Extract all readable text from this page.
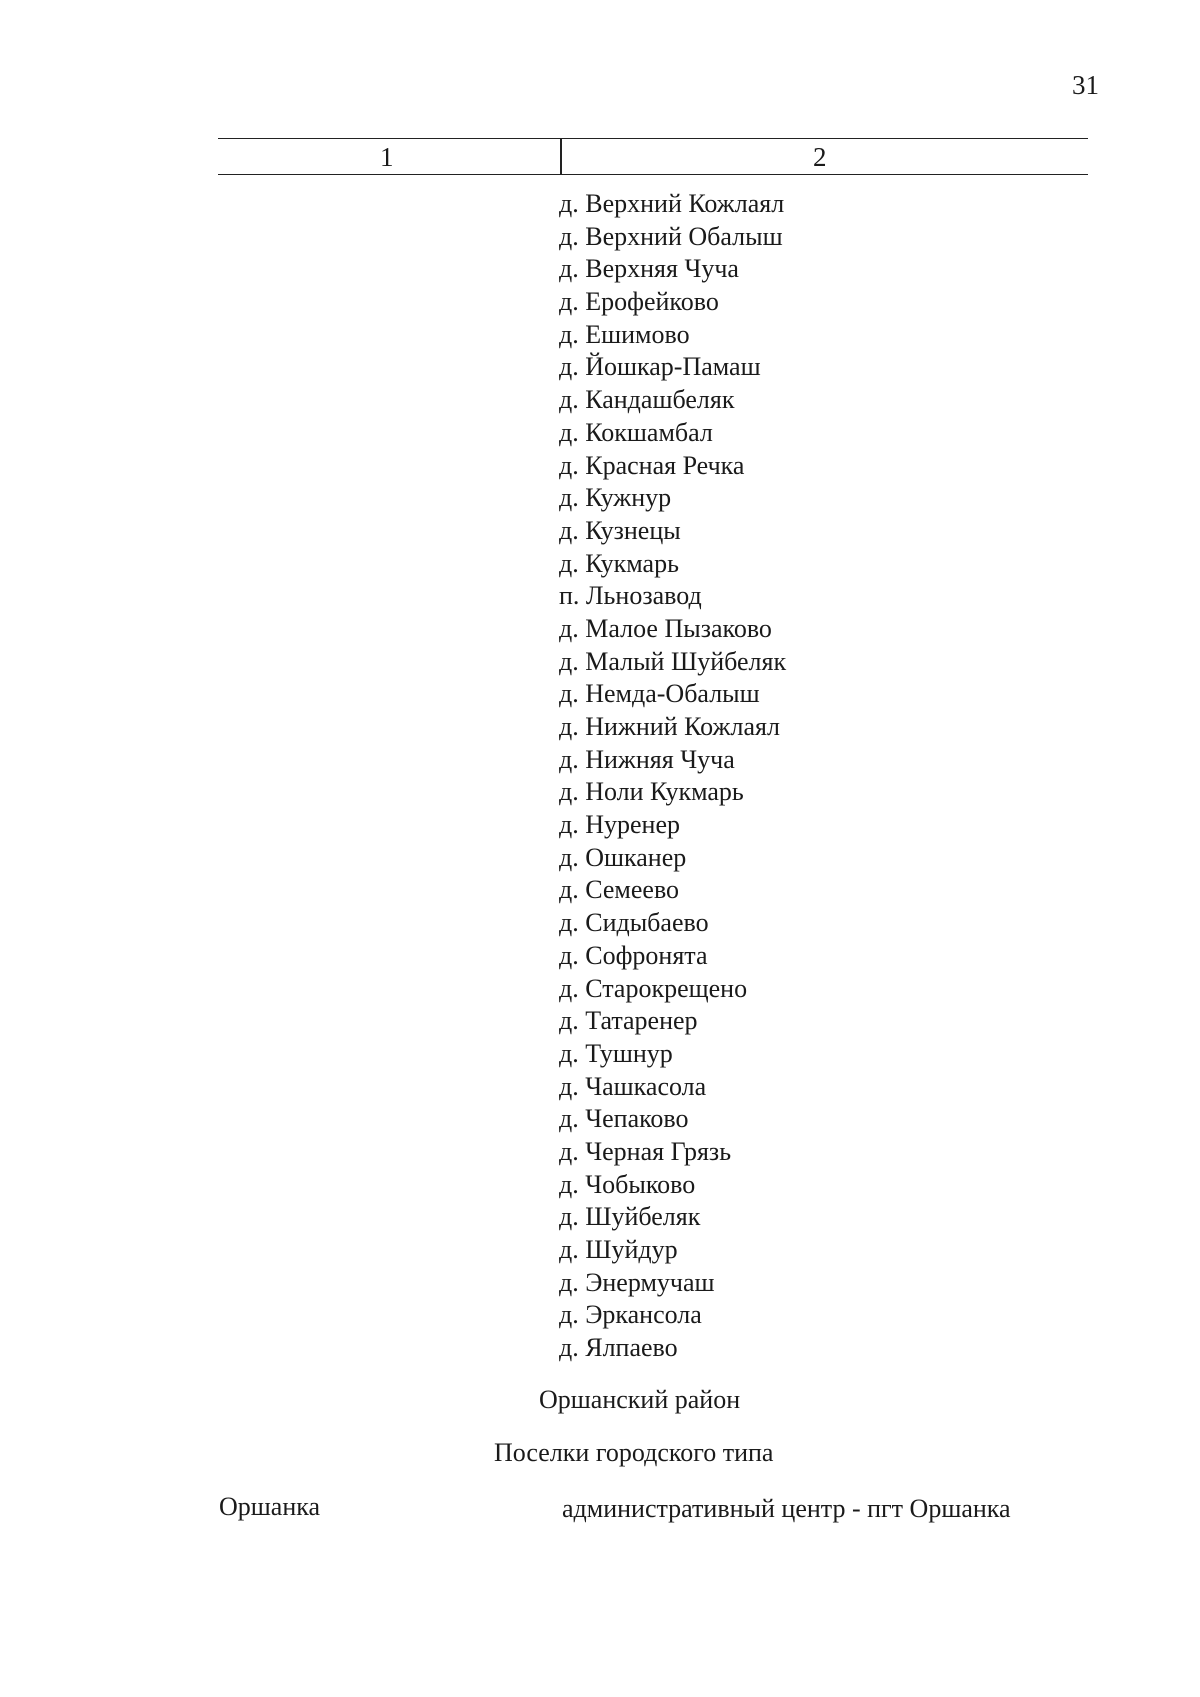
31
1	2
д. Верхний Кожлаял
д. Верхний Обалыш
д. Верхняя Чуча
д. Ерофейково
д. Ешимово
д. Йошкар-Памаш
д. Кандашбеляк
д. Кокшамбал
д. Красная Речка
д. Кужнур
д. Кузнецы
д. Кукмарь
п. Льнозавод
д. Малое Пызаково
д. Малый Шуйбеляк
д. Немда-Обалыш
д. Нижний Кожлаял
д. Нижняя Чуча
д. Ноли Кукмарь
д. Нуренер
д. Ошканер
д. Семеево
д. Сидыбаево
д. Софронята
д. Старокрещено
д. Татаренер
д. Тушнур
д. Чашкасола
д. Чепаково
д. Черная Грязь
д. Чобыково
д. Шуйбеляк
д. Шуйдур
д. Энермучаш
д. Эркансола
д. Ялпаево
Оршанский район
Поселки городского типа
Оршанка	административный центр - пгт Оршанка
